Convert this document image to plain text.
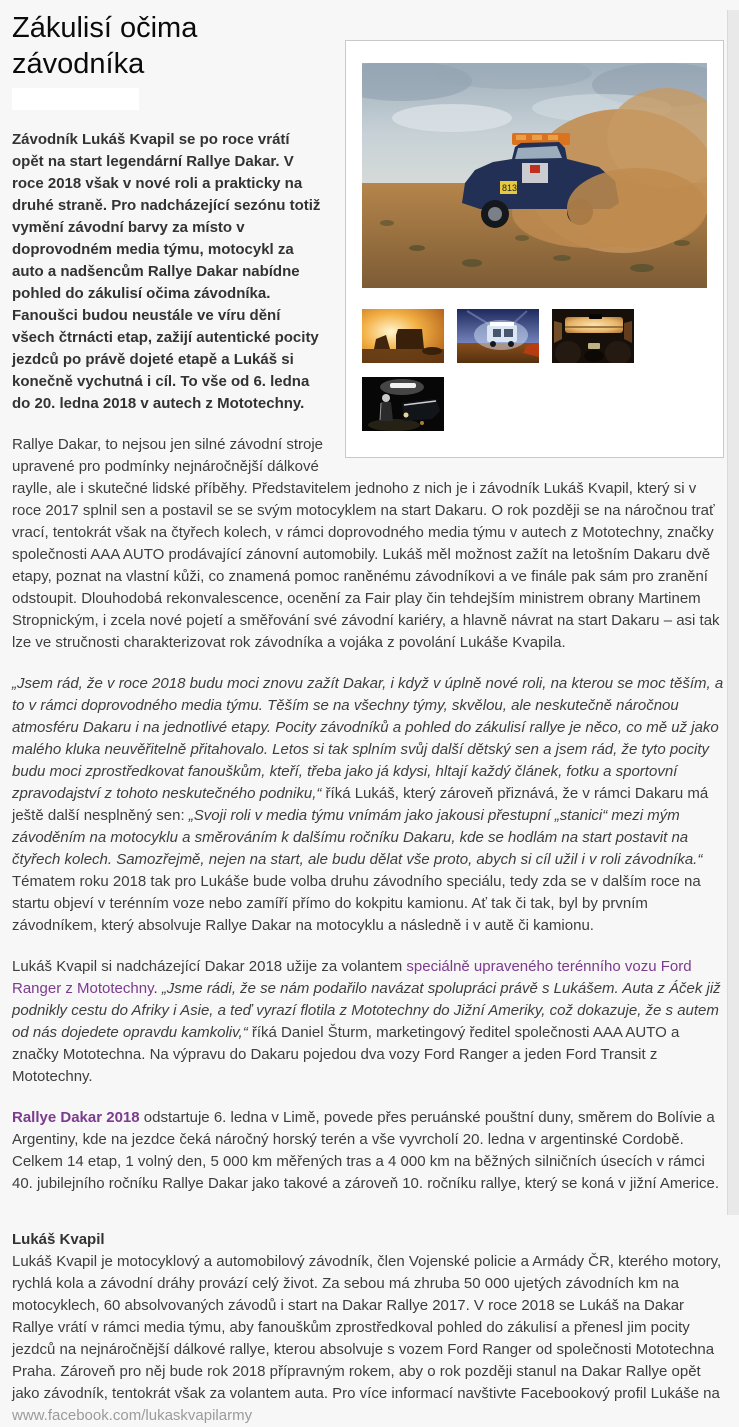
813
Zákulisí očima závodníka

Závodník Lukáš Kvapil se po roce vrátí opět na start legendární Rallye Dakar. V roce 2018 však v nové roli a prakticky na druhé straně. Pro nadcházející sezónu totiž vymění závodní barvy za místo v doprovodném media týmu, motocykl za auto a nadšencům Rallye Dakar nabídne pohled do zákulisí očima závodníka. Fanoušci budou neustále ve víru dění všech čtrnácti etap, zažijí autentické pocity jezdců po právě dojeté etapě a Lukáš si konečně vychutná i cíl. To vše od 6. ledna do 20. ledna 2018 v autech z Mototechny.

Rallye Dakar, to nejsou jen silné závodní stroje upravené pro podmínky nejnáročnější dálkové raylle, ale i skutečné lidské příběhy. Představitelem jednoho z nich je i závodník Lukáš Kvapil, který si v roce 2017 splnil sen a postavil se se svým motocyklem na start Dakaru. O rok později se na náročnou trať vrací, tentokrát však na čtyřech kolech, v rámci doprovodného media týmu v autech z Mototechny, značky společnosti AAA AUTO prodávající zánovní automobily. Lukáš měl možnost zažít na letošním Dakaru dvě etapy, poznat na vlastní kůži, co znamená pomoc raněnému závodníkovi a ve finále pak sám pro zranění odstoupit. Dlouhodobá rekonvalescence, ocenění za Fair play čin tehdejším ministrem obrany Martinem Stropnickým, i zcela nové pojetí a směřování své závodní kariéry, a hlavně návrat na start Dakaru – asi tak lze ve stručnosti charakterizovat rok závodníka a vojáka z povolání Lukáše Kvapila.

„Jsem rád, že v roce 2018 budu moci znovu zažít Dakar, i když v úplně nové roli, na kterou se moc těším, a to v rámci doprovodného media týmu. Těším se na všechny týmy, skvělou, ale neskutečně náročnou atmosféru Dakaru i na jednotlivé etapy. Pocity závodníků a pohled do zákulisí rallye je něco, co mě už jako malého kluka neuvěřitelně přitahovalo. Letos si tak splním svůj další dětský sen a jsem rád, že tyto pocity budu moci zprostředkovat fanouškům, kteří, třeba jako já kdysi, hltají každý článek, fotku a sportovní zpravodajství z tohoto neskutečného podniku,“ říká Lukáš, který zároveň přiznává, že v rámci Dakaru má ještě další nesplněný sen: „Svoji roli v media týmu vnímám jako jakousi přestupní „stanici“ mezi mým závoděním na motocyklu a směrováním k dalšímu ročníku Dakaru, kde se hodlám na start postavit na čtyřech kolech. Samozřejmě, nejen na start, ale budu dělat vše proto, abych si cíl užil i v roli závodníka.“ Tématem roku 2018 tak pro Lukáše bude volba druhu závodního speciálu, tedy zda se v dalším roce na startu objeví v terénním voze nebo zamíří přímo do kokpitu kamionu. Ať tak či tak, byl by prvním závodníkem, který absolvuje Rallye Dakar na motocyklu a následně i v autě či kamionu.

Lukáš Kvapil si nadcházející Dakar 2018 užije za volantem speciálně upraveného terénního vozu Ford Ranger z Mototechny. „Jsme rádi, že se nám podařilo navázat spolupráci právě s Lukášem. Auta z Áček již podnikly cestu do Afriky i Asie, a teď vyrazí flotila z Mototechny do Jižní Ameriky, což dokazuje, že s autem od nás dojedete opravdu kamkoliv,“ říká Daniel Šturm, marketingový ředitel společnosti AAA AUTO a značky Mototechna. Na výpravu do Dakaru pojedou dva vozy Ford Ranger a jeden Ford Transit z Mototechny.

Rallye Dakar 2018 odstartuje 6. ledna v Limě, povede přes peruánské pouštní duny, směrem do Bolívie a Argentiny, kde na jezdce čeká náročný horský terén a vše vyvrcholí 20. ledna v argentinské Cordobě. Celkem 14 etap, 1 volný den, 5 000 km měřených tras a 4 000 km na běžných silničních úsecích v rámci 40. jubilejního ročníku Rallye Dakar jako takové a zároveň 10. ročníku rallye, který se koná v jižní Americe.

Lukáš Kvapil

Lukáš Kvapil je motocyklový a automobilový závodník, člen Vojenské policie a Armády ČR, kterého motory, rychlá kola a závodní dráhy provází celý život. Za sebou má zhruba 50 000 ujetých závodních km na motocyklech, 60 absolvovaných závodů i start na Dakar Rallye 2017. V roce 2018 se Lukáš na Dakar Rallye vrátí v rámci media týmu, aby fanouškům zprostředkoval pohled do zákulisí a přenesl jim pocity jezdců na nejnáročnější dálkové rallye, kterou absolvuje s vozem Ford Ranger od společnosti Mototechna Praha. Zároveň pro něj bude rok 2018 přípravným rokem, aby o rok později stanul na Dakar Rallye opět jako závodník, tentokrát však za volantem auta. Pro více informací navštivte Facebookový profil Lukáše na www.facebook.com/lukaskvapilarmy
